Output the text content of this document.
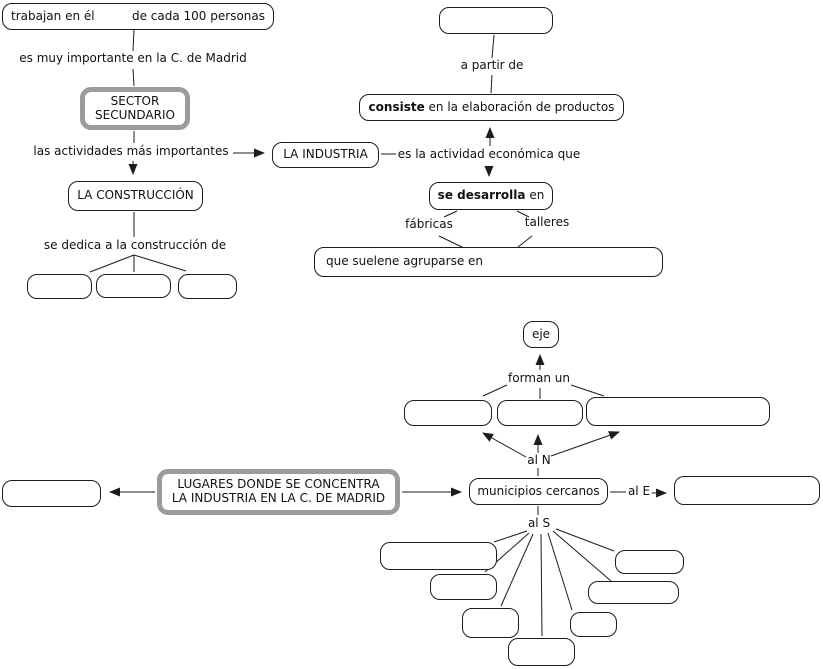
trabajan en él	de cada 100 personas
es muy importante en la C. de Madrid
SECTOR
SECUNDARIO
las actividades más importantes
LA CONSTRUCCIÓN
se dedica a la construcción de
a partir de
consiste en la elaboración de productos
LA INDUSTRIA	es la actividad económica que
se desarrolla en
fábricas	talleres
que suelene agruparse en
eje
forman un
al N
LUGARES DONDE SE CONCENTRA
LA INDUSTRIA EN LA C. DE MADRID
municipios cercanos	al E
al S
